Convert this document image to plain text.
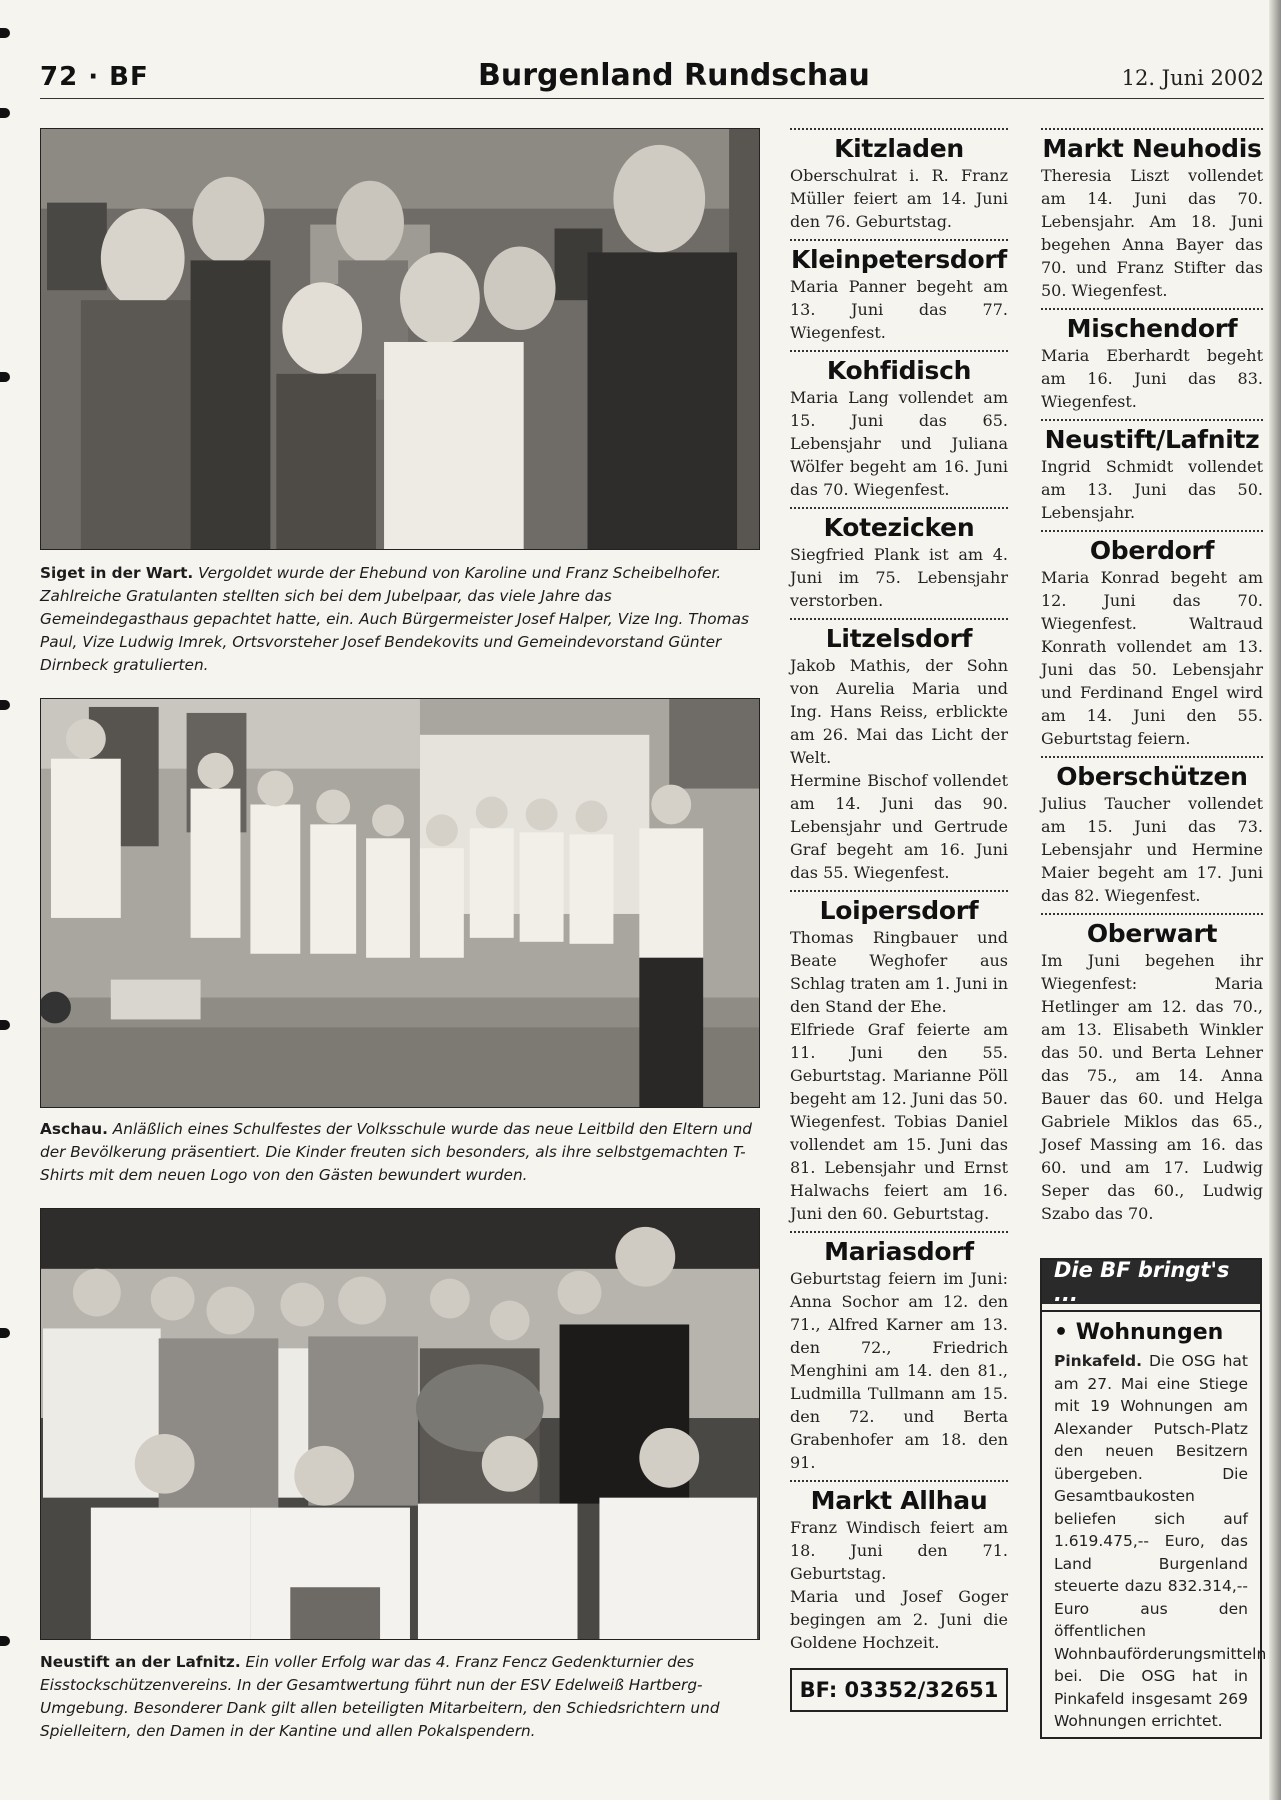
72 · BF	Burgenland Rundschau	12. Juni 2002
Siget in der Wart. Vergoldet wurde der Ehebund von Karoline und Franz Scheibelhofer. Zahlreiche Gratulanten stellten sich bei dem Jubelpaar, das viele Jahre das Gemeindegasthaus gepachtet hatte, ein. Auch Bürgermeister Josef Halper, Vize Ing. Thomas Paul, Vize Ludwig Imrek, Ortsvorsteher Josef Bendekovits und Gemeindevorstand Günter Dirnbeck gratulierten.
Aschau. Anläßlich eines Schulfestes der Volksschule wurde das neue Leitbild den Eltern und der Bevölkerung präsentiert. Die Kinder freuten sich besonders, als ihre selbstgemachten T-Shirts mit dem neuen Logo von den Gästen bewundert wurden.
Neustift an der Lafnitz. Ein voller Erfolg war das 4. Franz Fencz Gedenkturnier des Eisstockschützenvereins. In der Gesamtwertung führt nun der ESV Edelweiß Hartberg-Umgebung. Besonderer Dank gilt allen beteiligten Mitarbeitern, den Schiedsrichtern und Spielleitern, den Damen in der Kantine und allen Pokalspendern.
Kitzladen

Oberschulrat i. R. Franz Müller feiert am 14. Juni den 76. Geburtstag.

Kleinpetersdorf

Maria Panner begeht am 13. Juni das 77. Wiegenfest.

Kohfidisch

Maria Lang vollendet am 15. Juni das 65. Lebensjahr und Juliana Wölfer begeht am 16. Juni das 70. Wiegenfest.

Kotezicken

Siegfried Plank ist am 4. Juni im 75. Lebensjahr verstorben.

Litzelsdorf

Jakob Mathis, der Sohn von Aurelia Maria und Ing. Hans Reiss, erblickte am 26. Mai das Licht der Welt.

Hermine Bischof vollendet am 14. Juni das 90. Lebensjahr und Gertrude Graf begeht am 16. Juni das 55. Wiegenfest.

Loipersdorf

Thomas Ringbauer und Beate Weghofer aus Schlag traten am 1. Juni in den Stand der Ehe.

Elfriede Graf feierte am 11. Juni den 55. Geburtstag. Marianne Pöll begeht am 12. Juni das 50. Wiegenfest. Tobias Daniel vollendet am 15. Juni das 81. Lebensjahr und Ernst Halwachs feiert am 16. Juni den 60. Geburtstag.

Mariasdorf

Geburtstag feiern im Juni: Anna Sochor am 12. den 71., Alfred Karner am 13. den 72., Friedrich Menghini am 14. den 81., Ludmilla Tullmann am 15. den 72. und Berta Grabenhofer am 18. den 91.

Markt Allhau

Franz Windisch feiert am 18. Juni den 71. Geburtstag.

Maria und Josef Goger begingen am 2. Juni die Goldene Hochzeit.

BF: 03352/32651
Markt Neuhodis

Theresia Liszt vollendet am 14. Juni das 70. Lebensjahr. Am 18. Juni begehen Anna Bayer das 70. und Franz Stifter das 50. Wiegenfest.

Mischendorf

Maria Eberhardt begeht am 16. Juni das 83. Wiegenfest.

Neustift/Lafnitz

Ingrid Schmidt vollendet am 13. Juni das 50. Lebensjahr.

Oberdorf

Maria Konrad begeht am 12. Juni das 70. Wiegenfest. Waltraud Konrath vollendet am 13. Juni das 50. Lebensjahr und Ferdinand Engel wird am 14. Juni den 55. Geburtstag feiern.

Oberschützen

Julius Taucher vollendet am 15. Juni das 73. Lebensjahr und Hermine Maier begeht am 17. Juni das 82. Wiegenfest.

Oberwart

Im Juni begehen ihr Wiegenfest: Maria Hetlinger am 12. das 70., am 13. Elisabeth Winkler das 50. und Berta Lehner das 75., am 14. Anna Bauer das 60. und Helga Gabriele Miklos das 65., Josef Massing am 16. das 60. und am 17. Ludwig Seper das 60., Ludwig Szabo das 70.

Die BF bringt's ...
• Wohnungen

Pinkafeld. Die OSG hat am 27. Mai eine Stiege mit 19 Wohnungen am Alexander Putsch-Platz den neuen Besitzern übergeben. Die Gesamtbaukosten beliefen sich auf 1.619.475,-- Euro, das Land Burgenland steuerte dazu 832.314,-- Euro aus den öffentlichen Wohnbauförderungsmitteln bei. Die OSG hat in Pinkafeld insgesamt 269 Wohnungen errichtet.
